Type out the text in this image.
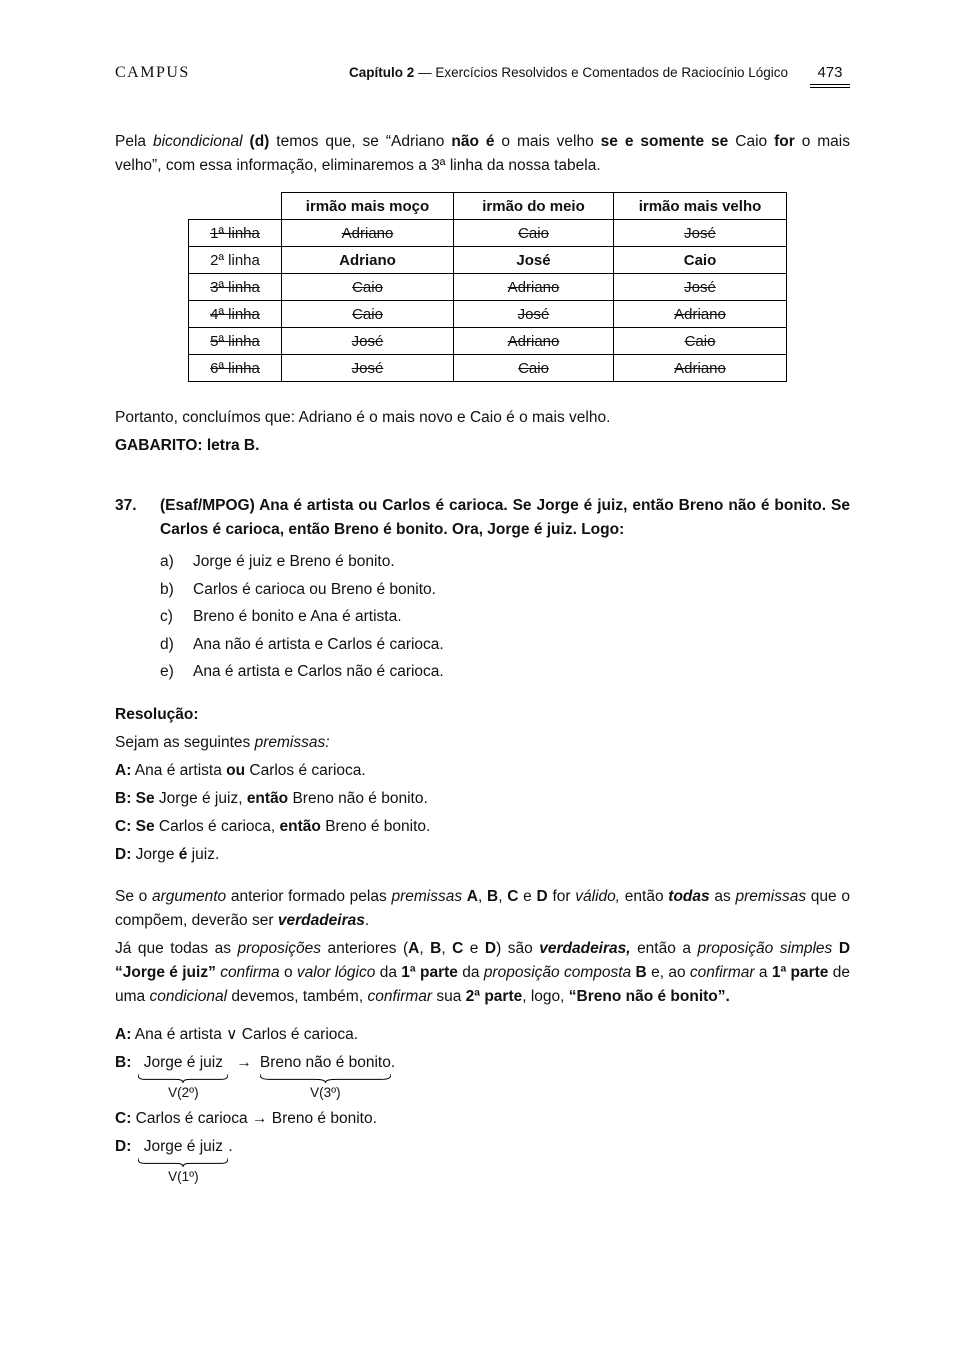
CAMPUS	Capítulo 2 — Exercícios Resolvidos e Comentados de Raciocínio Lógico 473

Pela bicondicional (d) temos que, se “Adriano não é o mais velho se e somente se Caio for o mais velho”, com essa informação, eliminaremos a 3ª linha da nossa tabela.

	irmão mais moço	irmão do meio	irmão mais velho
1ª linha	Adriano	Caio	José
2ª linha	Adriano	José	Caio
3ª linha	Caio	Adriano	José
4ª linha	Caio	José	Adriano
5ª linha	José	Adriano	Caio
6ª linha	José	Caio	Adriano

Portanto, concluímos que: Adriano é o mais novo e Caio é o mais velho.

GABARITO: letra B.

37.	(Esaf/MPOG) Ana é artista ou Carlos é carioca. Se Jorge é juiz, então Breno não é bonito. Se Carlos é carioca, então Breno é bonito. Ora, Jorge é juiz. Logo:

a)	Jorge é juiz e Breno é bonito.
b)	Carlos é carioca ou Breno é bonito.
c)	Breno é bonito e Ana é artista.
d)	Ana não é artista e Carlos é carioca.
e)	Ana é artista e Carlos não é carioca.

Resolução:

Sejam as seguintes premissas:

A: Ana é artista ou Carlos é carioca.

B: Se Jorge é juiz, então Breno não é bonito.

C: Se Carlos é carioca, então Breno é bonito.

D: Jorge é juiz.

Se o argumento anterior formado pelas premissas A, B, C e D for válido, então todas as premissas que o compõem, deverão ser verdadeiras.

Já que todas as proposições anteriores (A, B, C e D) são verdadeiras, então a proposição simples D “Jorge é juiz” confirma o valor lógico da 1ª parte da proposição composta B e, ao confirmar a 1ª parte de uma condicional devemos, também, confirmar sua 2ª parte, logo, “Breno não é bonito”.

A: Ana é artista ∨ Carlos é carioca.

B: Jorge é juiz
V(2º)
→ Breno não é bonito
V(3º)
.

C: Carlos é carioca → Breno é bonito.

D: Jorge é juiz
V(1º)
.
